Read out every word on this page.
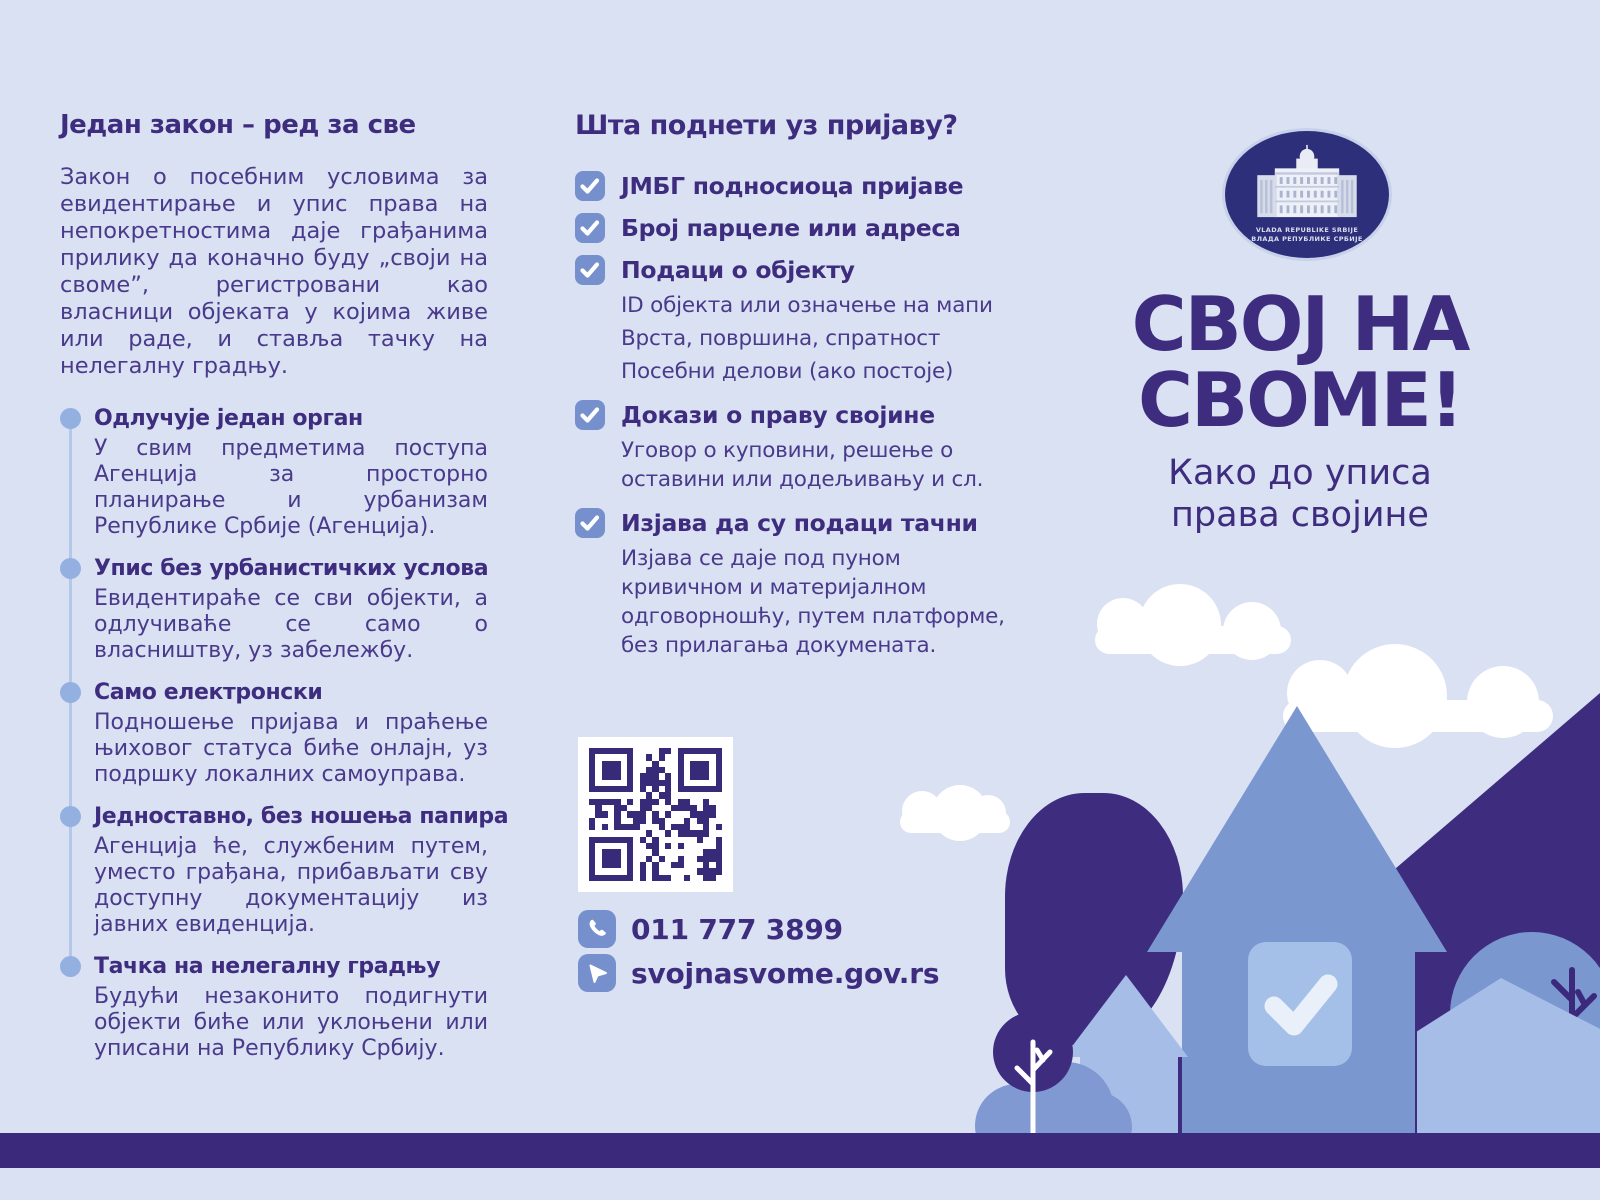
Један закон – ред за све
Закон о посебним условима за евидентирање и упис права на непокретностима даје грађанима прилику да коначно буду „своји на своме”, регистровани као власници објеката у којима живе или раде, и ставља тачку на нелегалну градњу.
Одлучује један орган

У свим предметима поступа Агенција за просторно планирање и урбанизам Републике Србије (Агенција).

Упис без урбанистичких услова

Евидентираће се сви објекти, а одлучиваће се само о власништву, уз забележбу.

Само електронски

Подношење пријава и праћење њиховог статуса биће онлајн, уз подршку локалних самоуправа.

Једноставно, без ношења папира

Агенција ће, службеним путем, уместо грађана, прибављати сву доступну документацију из јавних евиденција.

Тачка на нелегалну градњу

Будући незаконито подигнути објекти биће или уклоњени или уписани на Републику Србију.

Шта поднети уз пријаву?
ЈМБГ подносиоца пријаве
Број парцеле или адреса
Подаци о објекту
ID објекта или означење на мапи
Врста, површина, спратност
Посебни делови (ако постоје)
Докази о праву својине
Уговор о куповини, решење о оставини или додељивању и сл.
Изјава да су подаци тачни
Изјава се даје под пуном кривичном и материјалном одговорношћу, путем платформе, без прилагања докумената.
011 777 3899
svojnasvome.gov.rs
VLADA REPUBLIKE SRBIJE
ВЛАДА РЕПУБЛИКЕ СРБИЈЕ
СВОЈ НА
СВОМЕ!
Како до уписа
права својине
